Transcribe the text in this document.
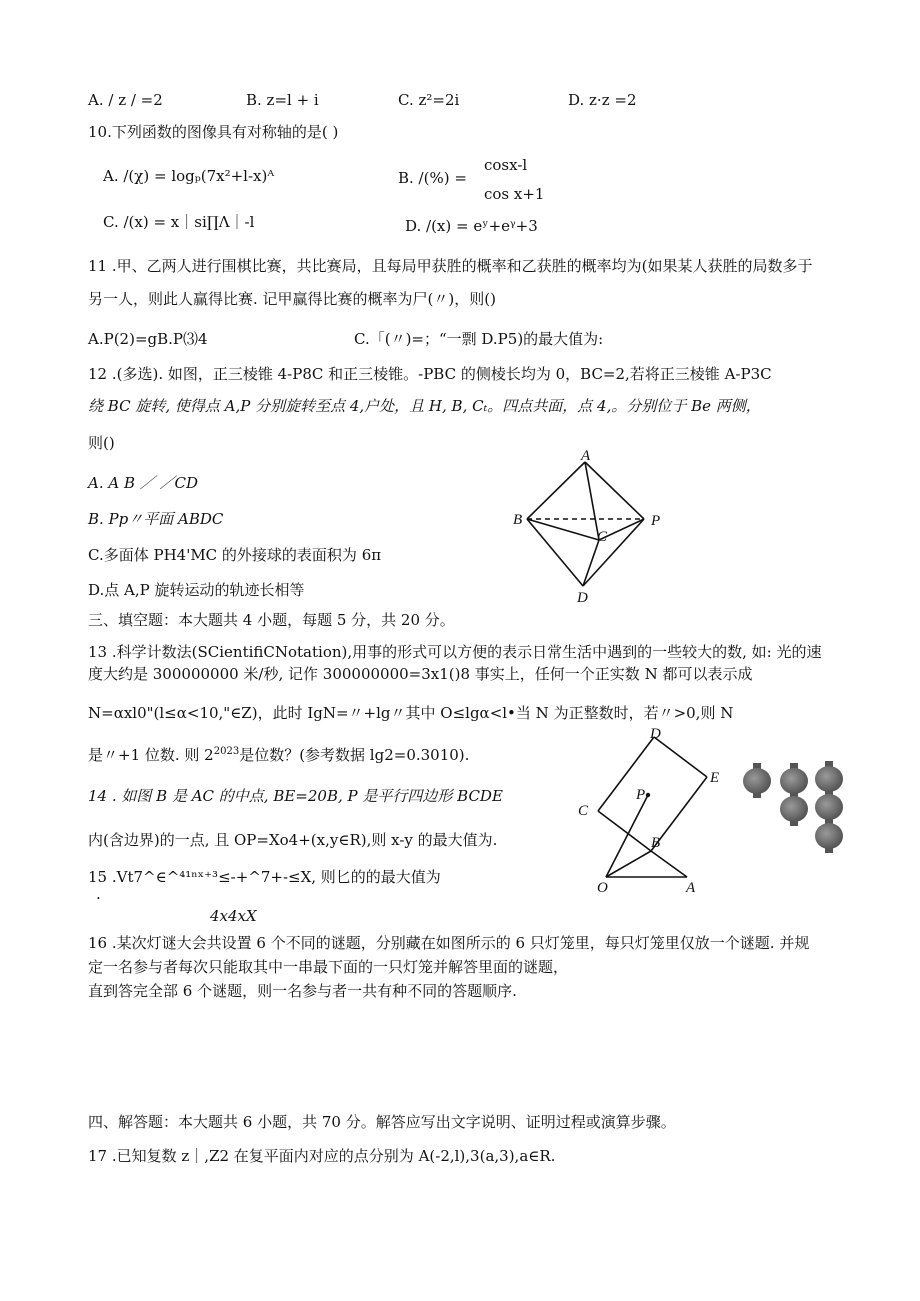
A. / z / =2	B. z=l + i	C. z²=2i	D. z·z =2
10.下列函数的图像具有对称轴的是( )
A. /(χ) = logₚ(7x²+l-x)ᴬ	B. /(%) =
cosx-l
cos x+1
C. /(x) = x｜si∏Λ｜-l	D. /(x) = eʸ+eᵞ+3
11 .甲、乙两人进行围棋比赛，共比赛局，且每局甲获胜的概率和乙获胜的概率均为(如果某人获胜的局数多于
另一人，则此人赢得比赛. 记甲赢得比赛的概率为尸(〃)，则()
A.P(2)=gB.P⑶4	C.「(〃)=；“一剽 D.P5)的最大值为:
12 .(多选). 如图，正三棱锥 4-P8C 和正三棱锥。-PBC 的侧棱长均为 0，BC=2,若将正三棱锥 A-P3C
绕 BC 旋转, 使得点 A,P 分别旋转至点 4,户处，且 H, B, Cₜ。四点共面，点 4,。分别位于 Be 两侧，
则()
A. A B ／ ／CD
B. Pp〃平面 ABDC
C.多面体 PH4'MC 的外接球的表面积为 6π
D.点 A,P 旋转运动的轨迹长相等
A
B	P
C
D
三、填空题：本大题共 4 小题，每题 5 分，共 20 分。
13 .科学计数法(SCientifiCNotation),用事的形式可以方便的表示日常生活中遇到的一些较大的数, 如: 光的速
度大约是 300000000 米/秒, 记作 300000000=3x1()8 事实上，任何一个正实数 N 都可以表示成
N=αxl0"(l≤α<10,"∈Z)，此时 IgN=〃+lg〃其中 O≤lgα<l•当 N 为正整数时，若〃>0,则 N
是〃+1 位数. 则 $2^{2023}$是位数？(参考数据 lg2=0.3010).
14 . 如图 B 是 AC 的中点, BE=20B, P 是平行四边形 BCDE
内(含边界)的一点, 且 OP=Xo4+(x,y∈R),则 x-y 的最大值为.
D
E
C
P
B
O	A
15 .Vt7^∈^⁴¹ⁿˣ⁺³≤-+^7+-≤X, 则匕的的最大值为
.
4x4xX
16 .某次灯谜大会共设置 6 个不同的谜题，分别藏在如图所示的 6 只灯笼里，每只灯笼里仅放一个谜题. 并规
定一名参与者每次只能取其中一串最下面的一只灯笼并解答里面的谜题，
直到答完全部 6 个谜题，则一名参与者一共有种不同的答题顺序.
四、解答题：本大题共 6 小题，共 70 分。解答应写出文字说明、证明过程或演算步骤。
17 .已知复数 z｜,Z2 在复平面内对应的点分别为 A(-2,l),3(a,3),a∈R.
